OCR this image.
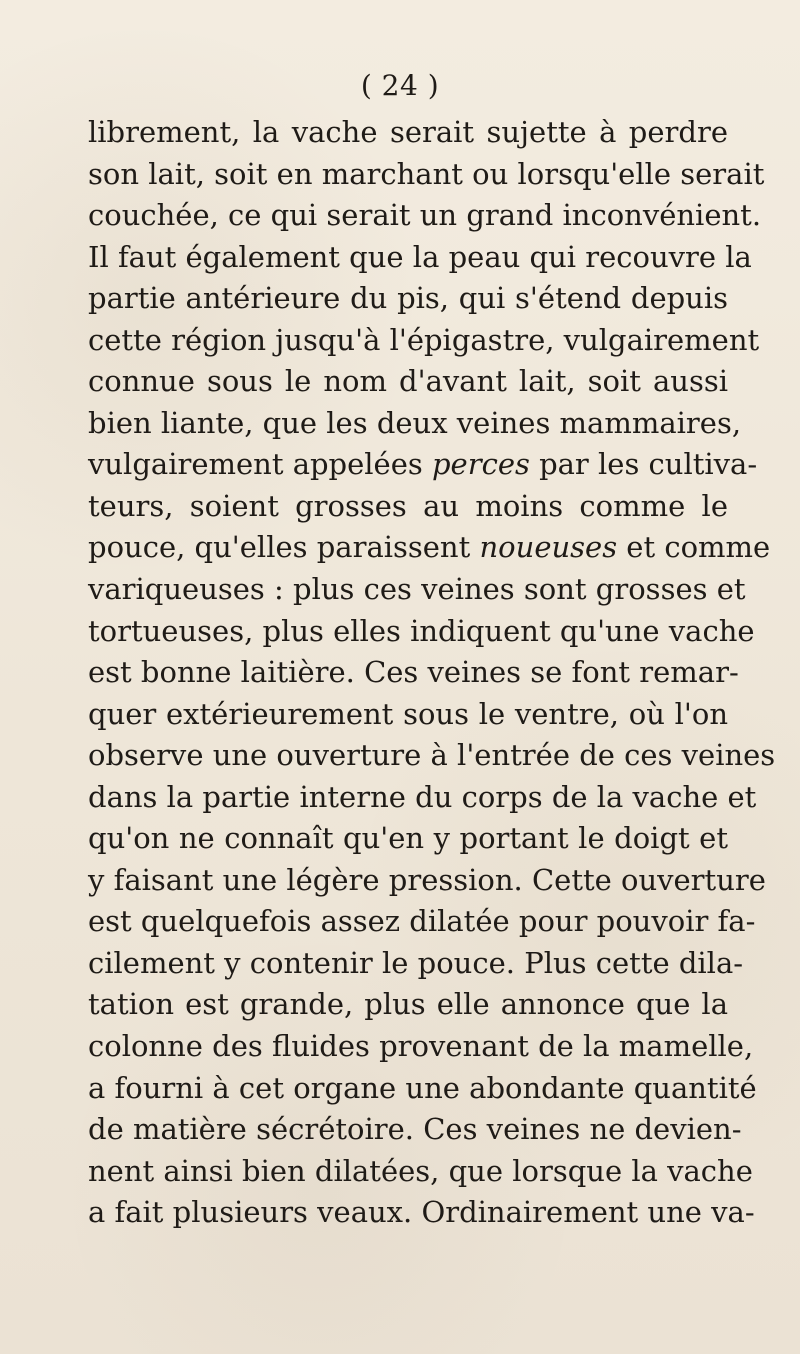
( 24 )
librement, la vache serait sujette à perdre
son lait, soit en marchant ou lorsqu'elle serait
couchée, ce qui serait un grand inconvénient.
Il faut également que la peau qui recouvre la
partie antérieure du pis, qui s'étend depuis
cette région jusqu'à l'épigastre, vulgairement
connue sous le nom d'avant lait, soit aussi
bien liante, que les deux veines mammaires,
vulgairement appelées perces par les cultiva-
teurs, soient grosses au moins comme le
pouce, qu'elles paraissent noueuses et comme
variqueuses : plus ces veines sont grosses et
tortueuses, plus elles indiquent qu'une vache
est bonne laitière. Ces veines se font remar-
quer extérieurement sous le ventre, où l'on
observe une ouverture à l'entrée de ces veines
dans la partie interne du corps de la vache et
qu'on ne connaît qu'en y portant le doigt et
y faisant une légère pression. Cette ouverture
est quelquefois assez dilatée pour pouvoir fa-
cilement y contenir le pouce. Plus cette dila-
tation est grande, plus elle annonce que la
colonne des fluides provenant de la mamelle,
a fourni à cet organe une abondante quantité
de matière sécrétoire. Ces veines ne devien-
nent ainsi bien dilatées, que lorsque la vache
a fait plusieurs veaux. Ordinairement une va-
